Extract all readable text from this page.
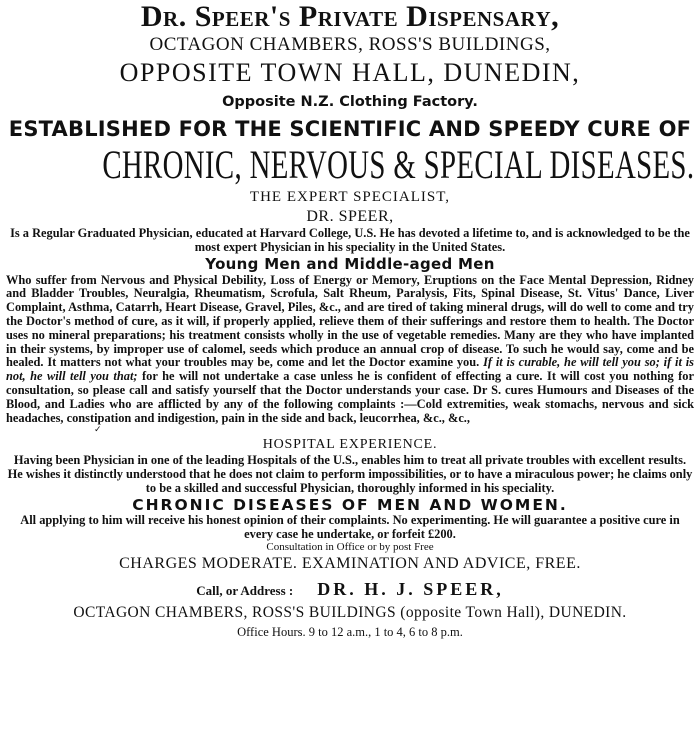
Dr. Speer's Private Dispensary,
OCTAGON CHAMBERS, ROSS'S BUILDINGS,
OPPOSITE TOWN HALL, DUNEDIN,
Opposite N.Z. Clothing Factory.
ESTABLISHED FOR THE SCIENTIFIC AND SPEEDY CURE OF
CHRONIC, NERVOUS & SPECIAL DISEASES.
THE EXPERT SPECIALIST,
DR. SPEER,
Is a Regular Graduated Physician, educated at Harvard College, U.S. He has devoted a lifetime to, and is acknowledged to be the most expert Physician in his speciality in the United States.
Young Men and Middle-aged Men
Who suffer from Nervous and Physical Debility, Loss of Energy or Memory, Eruptions on the Face Mental Depression, Ridney and Bladder Troubles, Neuralgia, Rheumatism, Scrofula, Salt Rheum, Paralysis, Fits, Spinal Disease, St. Vitus' Dance, Liver Complaint, Asthma, Catarrh, Heart Disease, Gravel, Piles, &c., and are tired of taking mineral drugs, will do well to come and try the Doctor's method of cure, as it will, if properly applied, relieve them of their sufferings and restore them to health. The Doctor uses no mineral preparations; his treatment consists wholly in the use of vegetable remedies. Many are they who have implanted in their systems, by improper use of calomel, seeds which produce an annual crop of disease. To such he would say, come and be healed. It matters not what your troubles may be, come and let the Doctor examine you. If it is curable, he will tell you so; if it is not, he will tell you that; for he will not undertake a case unless he is confident of effecting a cure. It will cost you nothing for consultation, so please call and satisfy yourself that the Doctor understands your case. Dr S. cures Humours and Diseases of the Blood, and Ladies who are afflicted by any of the following complaints :—Cold extremities, weak stomachs, nervous and sick headaches, constipation and indigestion, pain in the side and back, leucorrhea, &c., &c.,
✓
HOSPITAL EXPERIENCE.
Having been Physician in one of the leading Hospitals of the U.S., enables him to treat all private troubles with excellent results. He wishes it distinctly understood that he does not claim to perform impossibilities, or to have a miraculous power; he claims only to be a skilled and successful Physician, thoroughly informed in his speciality.
CHRONIC DISEASES OF MEN AND WOMEN.
All applying to him will receive his honest opinion of their complaints. No experimenting. He will guarantee a positive cure in every case he undertake, or forfeit £200.
Consultation in Office or by post Free
CHARGES MODERATE. EXAMINATION AND ADVICE, FREE.
Call, or Address : DR. H. J. SPEER,
OCTAGON CHAMBERS, ROSS'S BUILDINGS (opposite Town Hall), DUNEDIN.
Office Hours. 9 to 12 a.m., 1 to 4, 6 to 8 p.m.
